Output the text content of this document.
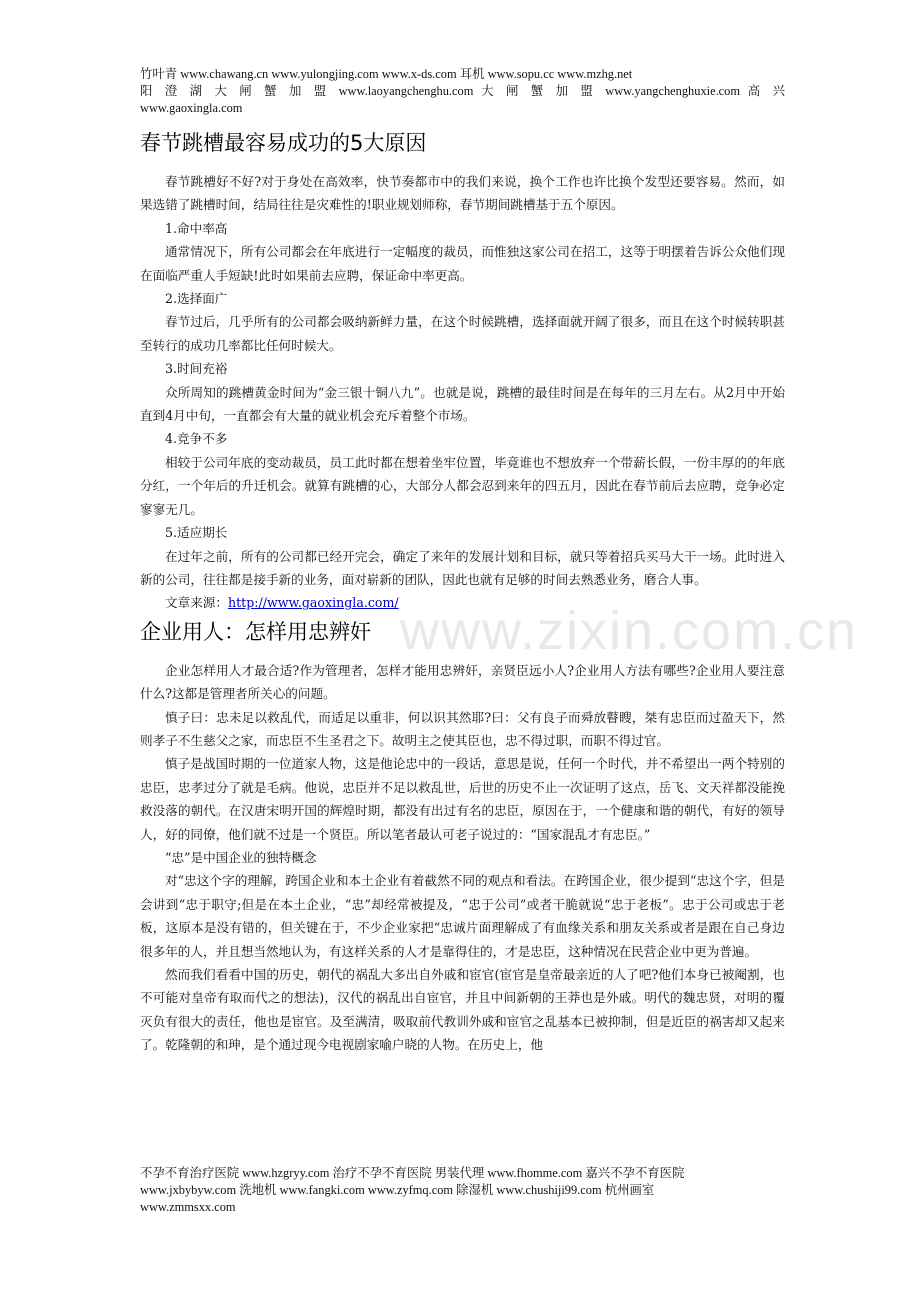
竹叶青 www.chawang.cn www.yulongjing.com www.x-ds.com 耳机 www.sopu.cc www.mzhg.net
阳 澄 湖 大 闸 蟹 加 盟 www.laoyangchenghu.com 大 闸 蟹 加 盟 www.yangchenghuxie.com 高 兴
www.gaoxingla.com
春节跳槽最容易成功的5大原因

春节跳槽好不好?对于身处在高效率，快节奏都市中的我们来说，换个工作也许比换个发型还要容易。然而，如果选错了跳槽时间，结局往往是灾难性的!职业规划师称，春节期间跳槽基于五个原因。

1.命中率高

通常情况下，所有公司都会在年底进行一定幅度的裁员，而惟独这家公司在招工，这等于明摆着告诉公众他们现在面临严重人手短缺!此时如果前去应聘，保证命中率更高。

2.选择面广

春节过后，几乎所有的公司都会吸纳新鲜力量，在这个时候跳槽，选择面就开阔了很多，而且在这个时候转职甚至转行的成功几率都比任何时候大。

3.时间充裕

众所周知的跳槽黄金时间为“金三银十铜八九”。也就是说，跳槽的最佳时间是在每年的三月左右。从2月中开始直到4月中旬，一直都会有大量的就业机会充斥着整个市场。

4.竞争不多

相较于公司年底的变动裁员，员工此时都在想着坐牢位置，毕竟谁也不想放弃一个带薪长假，一份丰厚的的年底分红，一个年后的升迁机会。就算有跳槽的心，大部分人都会忍到来年的四五月，因此在春节前后去应聘，竞争必定寥寥无几。

5.适应期长

在过年之前，所有的公司都已经开完会，确定了来年的发展计划和目标，就只等着招兵买马大干一场。此时进入新的公司，往往都是接手新的业务，面对崭新的团队，因此也就有足够的时间去熟悉业务，磨合人事。

文章来源：http://www.gaoxingla.com/

企业用人：怎样用忠辨奸

企业怎样用人才最合适?作为管理者，怎样才能用忠辨奸，亲贤臣远小人?企业用人方法有哪些?企业用人要注意什么?这都是管理者所关心的问题。

慎子曰：忠未足以救乱代，而适足以重非，何以识其然耶?曰：父有良子而舜放瞽瞍，桀有忠臣而过盈天下，然则孝子不生慈父之家，而忠臣不生圣君之下。故明主之使其臣也，忠不得过职，而职不得过官。

慎子是战国时期的一位道家人物，这是他论忠中的一段话，意思是说，任何一个时代，并不希望出一两个特别的忠臣，忠孝过分了就是毛病。他说，忠臣并不足以救乱世，后世的历史不止一次证明了这点，岳飞、文天祥都没能挽救没落的朝代。在汉唐宋明开国的辉煌时期，都没有出过有名的忠臣，原因在于，一个健康和谐的朝代，有好的领导人，好的同僚，他们就不过是一个贤臣。所以笔者最认可老子说过的：“国家混乱才有忠臣。”

“忠”是中国企业的独特概念

对“忠这个字的理解，跨国企业和本土企业有着截然不同的观点和看法。在跨国企业，很少提到“忠这个字，但是会讲到“忠于职守;但是在本土企业，“忠”却经常被提及，“忠于公司”或者干脆就说“忠于老板”。忠于公司或忠于老板，这原本是没有错的，但关键在于，不少企业家把“忠诚片面理解成了有血缘关系和朋友关系或者是跟在自己身边很多年的人，并且想当然地认为，有这样关系的人才是靠得住的，才是忠臣，这种情况在民营企业中更为普遍。

然而我们看看中国的历史，朝代的祸乱大多出自外戚和宦官(宦官是皇帝最亲近的人了吧?他们本身已被阉割，也不可能对皇帝有取而代之的想法)，汉代的祸乱出自宦官，并且中间新朝的王莽也是外戚。明代的魏忠贤，对明的覆灭负有很大的责任，他也是宦官。及至满清，吸取前代教训外戚和宦官之乱基本已被抑制，但是近臣的祸害却又起来了。乾隆朝的和珅，是个通过现今电视剧家喻户晓的人物。在历史上，他

www.zixin.com.cn
不孕不育治疗医院 www.hzgryy.com 治疗不孕不育医院 男装代理 www.fhomme.com 嘉兴不孕不育医院
www.jxbybyw.com 洗地机 www.fangki.com www.zyfmq.com 除湿机 www.chushiji99.com 杭州画室
www.zmmsxx.com
